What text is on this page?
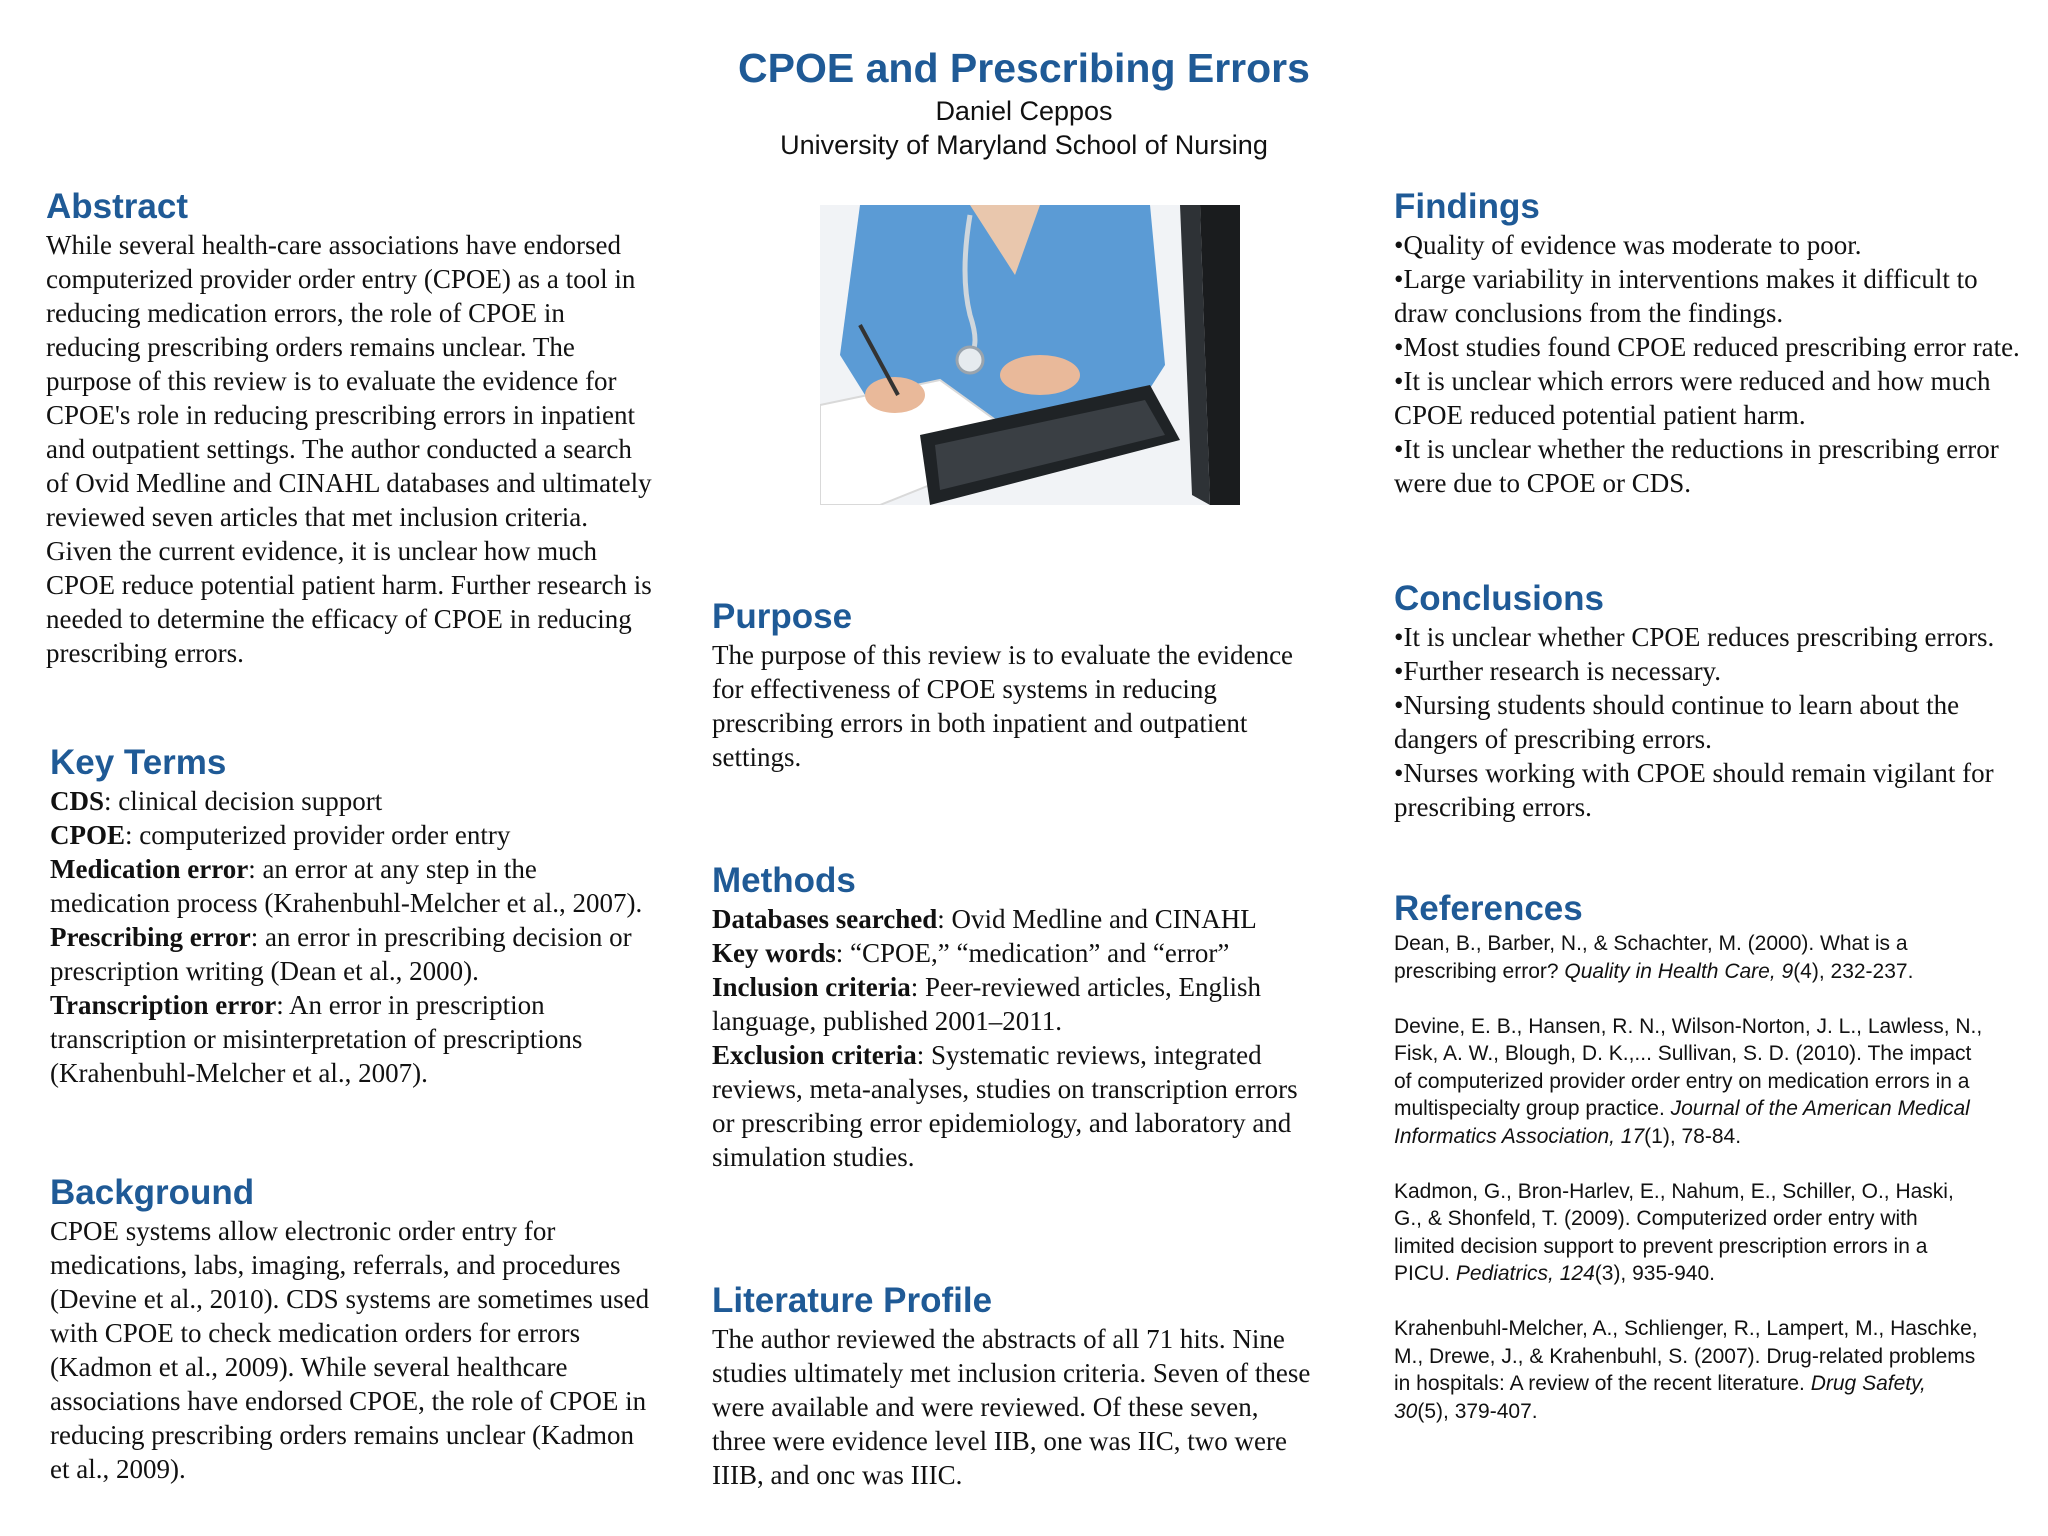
CPOE and Prescribing Errors
Daniel Ceppos
University of Maryland School of Nursing
Abstract
While several health-care associations have endorsed computerized provider order entry (CPOE) as a tool in reducing medication errors, the role of CPOE in reducing prescribing orders remains unclear. The purpose of this review is to evaluate the evidence for CPOE's role in reducing prescribing errors in inpatient and outpatient settings. The author conducted a search of Ovid Medline and CINAHL databases and ultimately reviewed seven articles that met inclusion criteria. Given the current evidence, it is unclear how much CPOE reduce potential patient harm. Further research is needed to determine the efficacy of CPOE in reducing prescribing errors.
Key Terms
CDS: clinical decision support
CPOE: computerized provider order entry
Medication error: an error at any step in the medication process (Krahenbuhl-Melcher et al., 2007).
Prescribing error: an error in prescribing decision or prescription writing (Dean et al., 2000).
Transcription error: An error in prescription transcription or misinterpretation of prescriptions (Krahenbuhl-Melcher et al., 2007).
Background
CPOE systems allow electronic order entry for medications, labs, imaging, referrals, and procedures (Devine et al., 2010). CDS systems are sometimes used with CPOE to check medication orders for errors (Kadmon et al., 2009). While several healthcare associations have endorsed CPOE, the role of CPOE in reducing prescribing orders remains unclear (Kadmon et al., 2009).
Purpose
The purpose of this review is to evaluate the evidence for effectiveness of CPOE systems in reducing prescribing errors in both inpatient and outpatient settings.
Methods
Databases searched: Ovid Medline and CINAHL
Key words: “CPOE,” “medication” and “error”
Inclusion criteria: Peer-reviewed articles, English language, published 2001–2011.
Exclusion criteria: Systematic reviews, integrated reviews, meta-analyses, studies on transcription errors or prescribing error epidemiology, and laboratory and simulation studies.
Literature Profile
The author reviewed the abstracts of all 71 hits. Nine studies ultimately met inclusion criteria. Seven of these were available and were reviewed. Of these seven, three were evidence level IIB, one was IIC, two were IIIB, and onc was IIIC.
Findings
•Quality of evidence was moderate to poor.
•Large variability in interventions makes it difficult to draw conclusions from the findings.
•Most studies found CPOE reduced prescribing error rate.
•It is unclear which errors were reduced and how much CPOE reduced potential patient harm.
•It is unclear whether the reductions in prescribing error were due to CPOE or CDS.
Conclusions
•It is unclear whether CPOE reduces prescribing errors.
•Further research is necessary.
•Nursing students should continue to learn about the dangers of prescribing errors.
•Nurses working with CPOE should remain vigilant for prescribing errors.
References
Dean, B., Barber, N., & Schachter, M. (2000). What is a prescribing error? Quality in Health Care, 9(4), 232-237.
Devine, E. B., Hansen, R. N., Wilson-Norton, J. L., Lawless, N., Fisk, A. W., Blough, D. K.,... Sullivan, S. D. (2010). The impact of computerized provider order entry on medication errors in a multispecialty group practice. Journal of the American Medical Informatics Association, 17(1), 78-84.
Kadmon, G., Bron-Harlev, E., Nahum, E., Schiller, O., Haski, G., & Shonfeld, T. (2009). Computerized order entry with limited decision support to prevent prescription errors in a PICU. Pediatrics, 124(3), 935-940.
Krahenbuhl-Melcher, A., Schlienger, R., Lampert, M., Haschke, M., Drewe, J., & Krahenbuhl, S. (2007). Drug-related problems in hospitals: A review of the recent literature. Drug Safety, 30(5), 379-407.
